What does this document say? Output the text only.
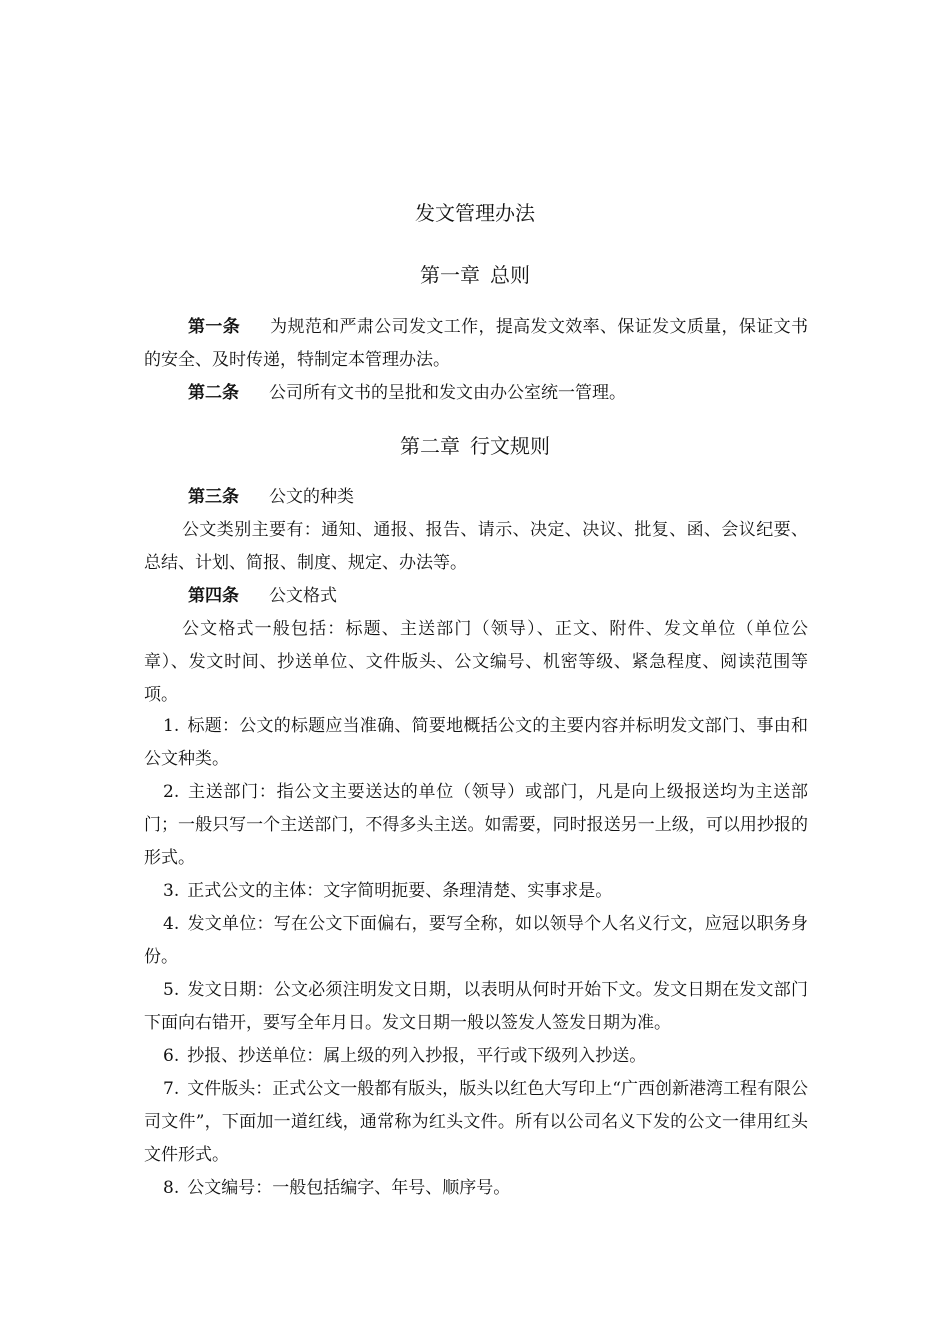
发文管理办法
第一章 总则
第一条 为规范和严肃公司发文工作，提高发文效率、保证发文质量，保证文书的安全、及时传递，特制定本管理办法。
第二条 公司所有文书的呈批和发文由办公室统一管理。
第二章 行文规则
第三条 公文的种类
公文类别主要有：通知、通报、报告、请示、决定、决议、批复、函、会议纪要、总结、计划、简报、制度、规定、办法等。
第四条 公文格式
公文格式一般包括：标题、主送部门（领导）、正文、附件、发文单位（单位公章）、发文时间、抄送单位、文件版头、公文编号、机密等级、紧急程度、阅读范围等项。
1. 标题：公文的标题应当准确、简要地概括公文的主要内容并标明发文部门、事由和公文种类。
2. 主送部门：指公文主要送达的单位（领导）或部门，凡是向上级报送均为主送部门；一般只写一个主送部门，不得多头主送。如需要，同时报送另一上级，可以用抄报的形式。
3. 正式公文的主体：文字简明扼要、条理清楚、实事求是。
4. 发文单位：写在公文下面偏右，要写全称，如以领导个人名义行文，应冠以职务身份。
5. 发文日期：公文必须注明发文日期，以表明从何时开始下文。发文日期在发文部门下面向右错开，要写全年月日。发文日期一般以签发人签发日期为准。
6. 抄报、抄送单位：属上级的列入抄报，平行或下级列入抄送。
7. 文件版头：正式公文一般都有版头，版头以红色大写印上“广西创新港湾工程有限公司文件”，下面加一道红线，通常称为红头文件。所有以公司名义下发的公文一律用红头文件形式。
8. 公文编号：一般包括编字、年号、顺序号。
